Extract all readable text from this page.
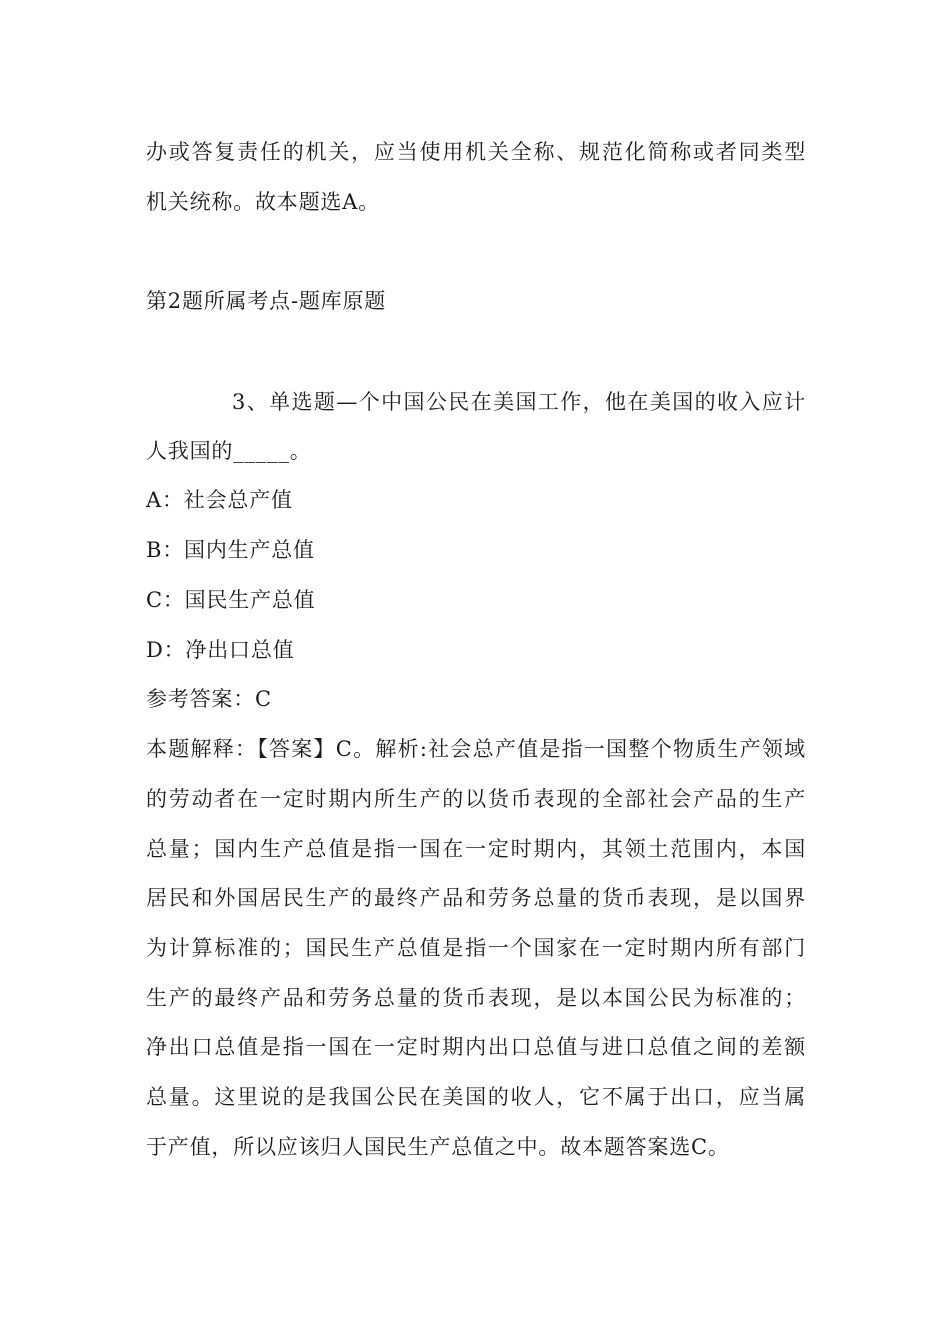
办或答复责任的机关，应当使用机关全称、规范化简称或者同类型
机关统称。故本题选A。
第2题所属考点-题库原题
3、单选题—个中国公民在美国工作，他在美国的收入应计
人我国的_____。
A：社会总产值
B：国内生产总值
C：国民生产总值
D：净出口总值
参考答案：C
本题解释：【答案】C。解析:社会总产值是指一国整个物质生产领域
的劳动者在一定时期内所生产的以货币表现的全部社会产品的生产
总量；国内生产总值是指一国在一定时期内，其领土范围内，本国
居民和外国居民生产的最终产品和劳务总量的货币表现，是以国界
为计算标准的；国民生产总值是指一个国家在一定时期内所有部门
生产的最终产品和劳务总量的货币表现，是以本国公民为标准的；
净出口总值是指一国在一定时期内出口总值与进口总值之间的差额
总量。这里说的是我国公民在美国的收人，它不属于出口，应当属
于产值，所以应该归人国民生产总值之中。故本题答案选C。
